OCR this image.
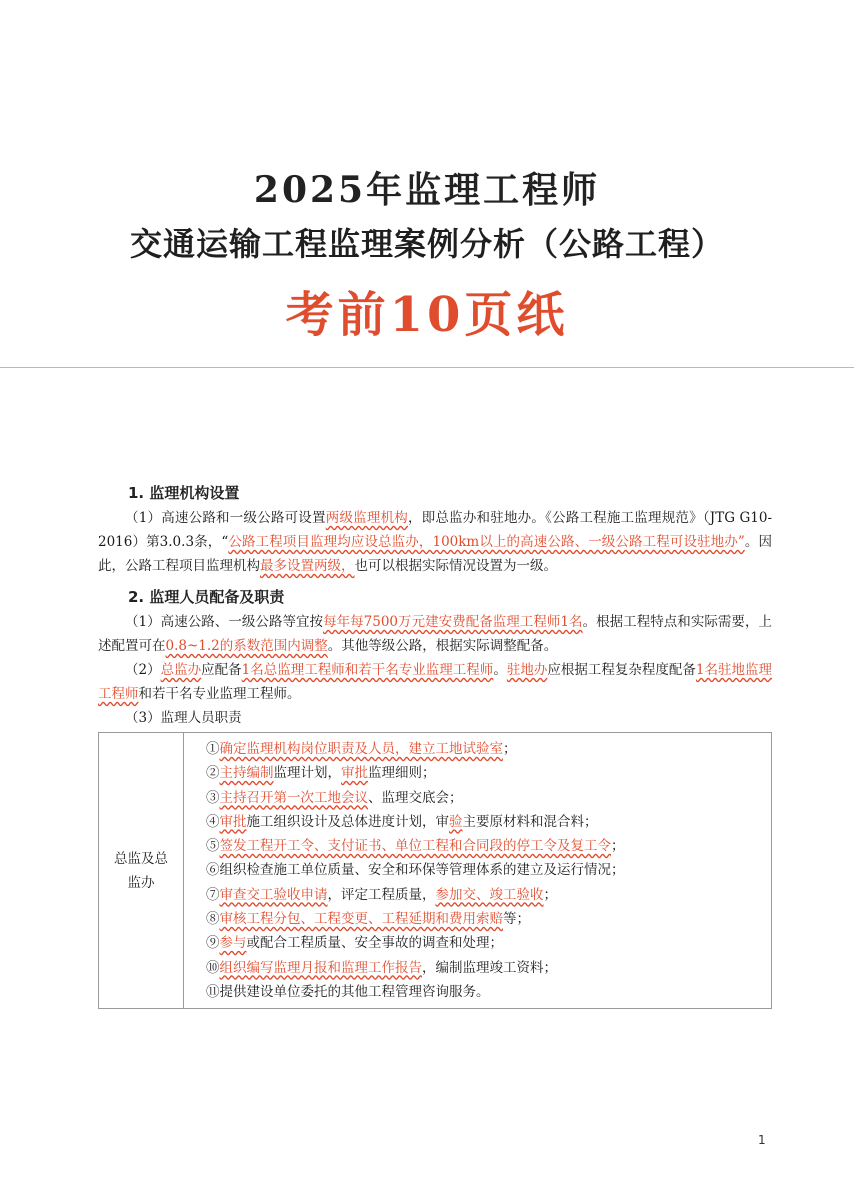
2025年监理工程师
交通运输工程监理案例分析（公路工程）
考前10页纸
1. 监理机构设置

（1）高速公路和一级公路可设置两级监理机构，即总监办和驻地办。《公路工程施工监理规范》（JTG G10-2016）第3.0.3条，“公路工程项目监理均应设总监办，100km以上的高速公路、一级公路工程可设驻地办”。因此，公路工程项目监理机构最多设置两级，也可以根据实际情况设置为一级。

2. 监理人员配备及职责

（1）高速公路、一级公路等宜按每年每7500万元建安费配备监理工程师1名。根据工程特点和实际需要，上述配置可在0.8~1.2的系数范围内调整。其他等级公路，根据实际调整配备。

（2）总监办应配备1名总监理工程师和若干名专业监理工程师。驻地办应根据工程复杂程度配备1名驻地监理工程师和若干名专业监理工程师。

（3）监理人员职责

总监及总监办

①确定监理机构岗位职责及人员，建立工地试验室；
②主持编制监理计划，审批监理细则；
③主持召开第一次工地会议、监理交底会；
④审批施工组织设计及总体进度计划，审验主要原材料和混合料；
⑤签发工程开工令、支付证书、单位工程和合同段的停工令及复工令；
⑥组织检查施工单位质量、安全和环保等管理体系的建立及运行情况；
⑦审查交工验收申请，评定工程质量，参加交、竣工验收；
⑧审核工程分包、工程变更、工程延期和费用索赔等；
⑨参与或配合工程质量、安全事故的调查和处理；
⑩组织编写监理月报和监理工作报告，编制监理竣工资料；
⑪提供建设单位委托的其他工程管理咨询服务。
1
